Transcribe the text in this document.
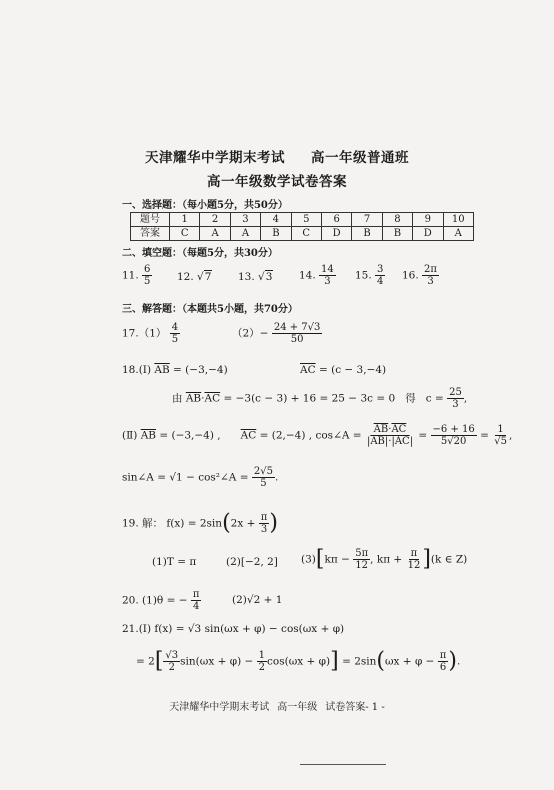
天津耀华中学期末考试 高一年级普通班
高一年级数学试卷答案
一、选择题：（每小题5分，共50分）
题号	1	2	3	4	5	6	7	8	9	10
答案	C	A	A	B	C	D	B	B	D	A
二、填空题：（每题5分，共30分）
11. $\frac{6}{5} 12$. √7	13. √3	14. $\frac{14}{3} 15$. $\frac{3}{4} 16$. $\frac{2\pi}{3}$
三、解答题：（本题共5小题，共70分）
$17.(1) \frac{4}{5}$	$(2)- \frac{24 + 7√3}{50}$
18.(Ⅰ) $\overline{AB} = (-3,-4)$	$\overline{AC} = (c - 3,-4)$
由 $\overline{AB}\cdot\overline{AC} = -3(c - 3) + 16 = 25 - 3c = 0$ 得 $c = \frac{25}{3}$ ,
(Ⅱ) $\overline{AB} = (-3,-4)$ , $\overline{AC} = (2,-4)$ , cos∠A = $\frac{\overline{AB}\cdot\overline{AC}}{|\overline{AB}|\cdot|\overline{AC}|} = \frac{-6 + 16}{5√20} = \frac{1}{√5}$ ,
sin∠A = √1 − cos²∠A = $\frac{2√5}{5}$ .
19. 解： $f(x) = 2\sin(2x + \frac{\pi}{3}$ )
(1)T = π	(2)[−2, 2] $(3)[k\pi - \frac{5\pi}{12}$ , $k\pi + \frac{\pi}{12} ](k$ ∈ Z)
20. (1)θ = − $\frac{\pi}{4}$	(2)√2 + 1
21.(Ⅰ) f(x) = √3 sin(ωx + φ) − cos(ωx + φ)
= $2[ \frac{√3}{2} \sin(\omega x + \varphi) - \frac{1}{2} \cos(\omega x + \varphi)] = 2\sin(\omega x + \varphi - \frac{\pi}{6}$ ).
天津耀华中学期末考试 高一年级 试卷答案- 1 -
